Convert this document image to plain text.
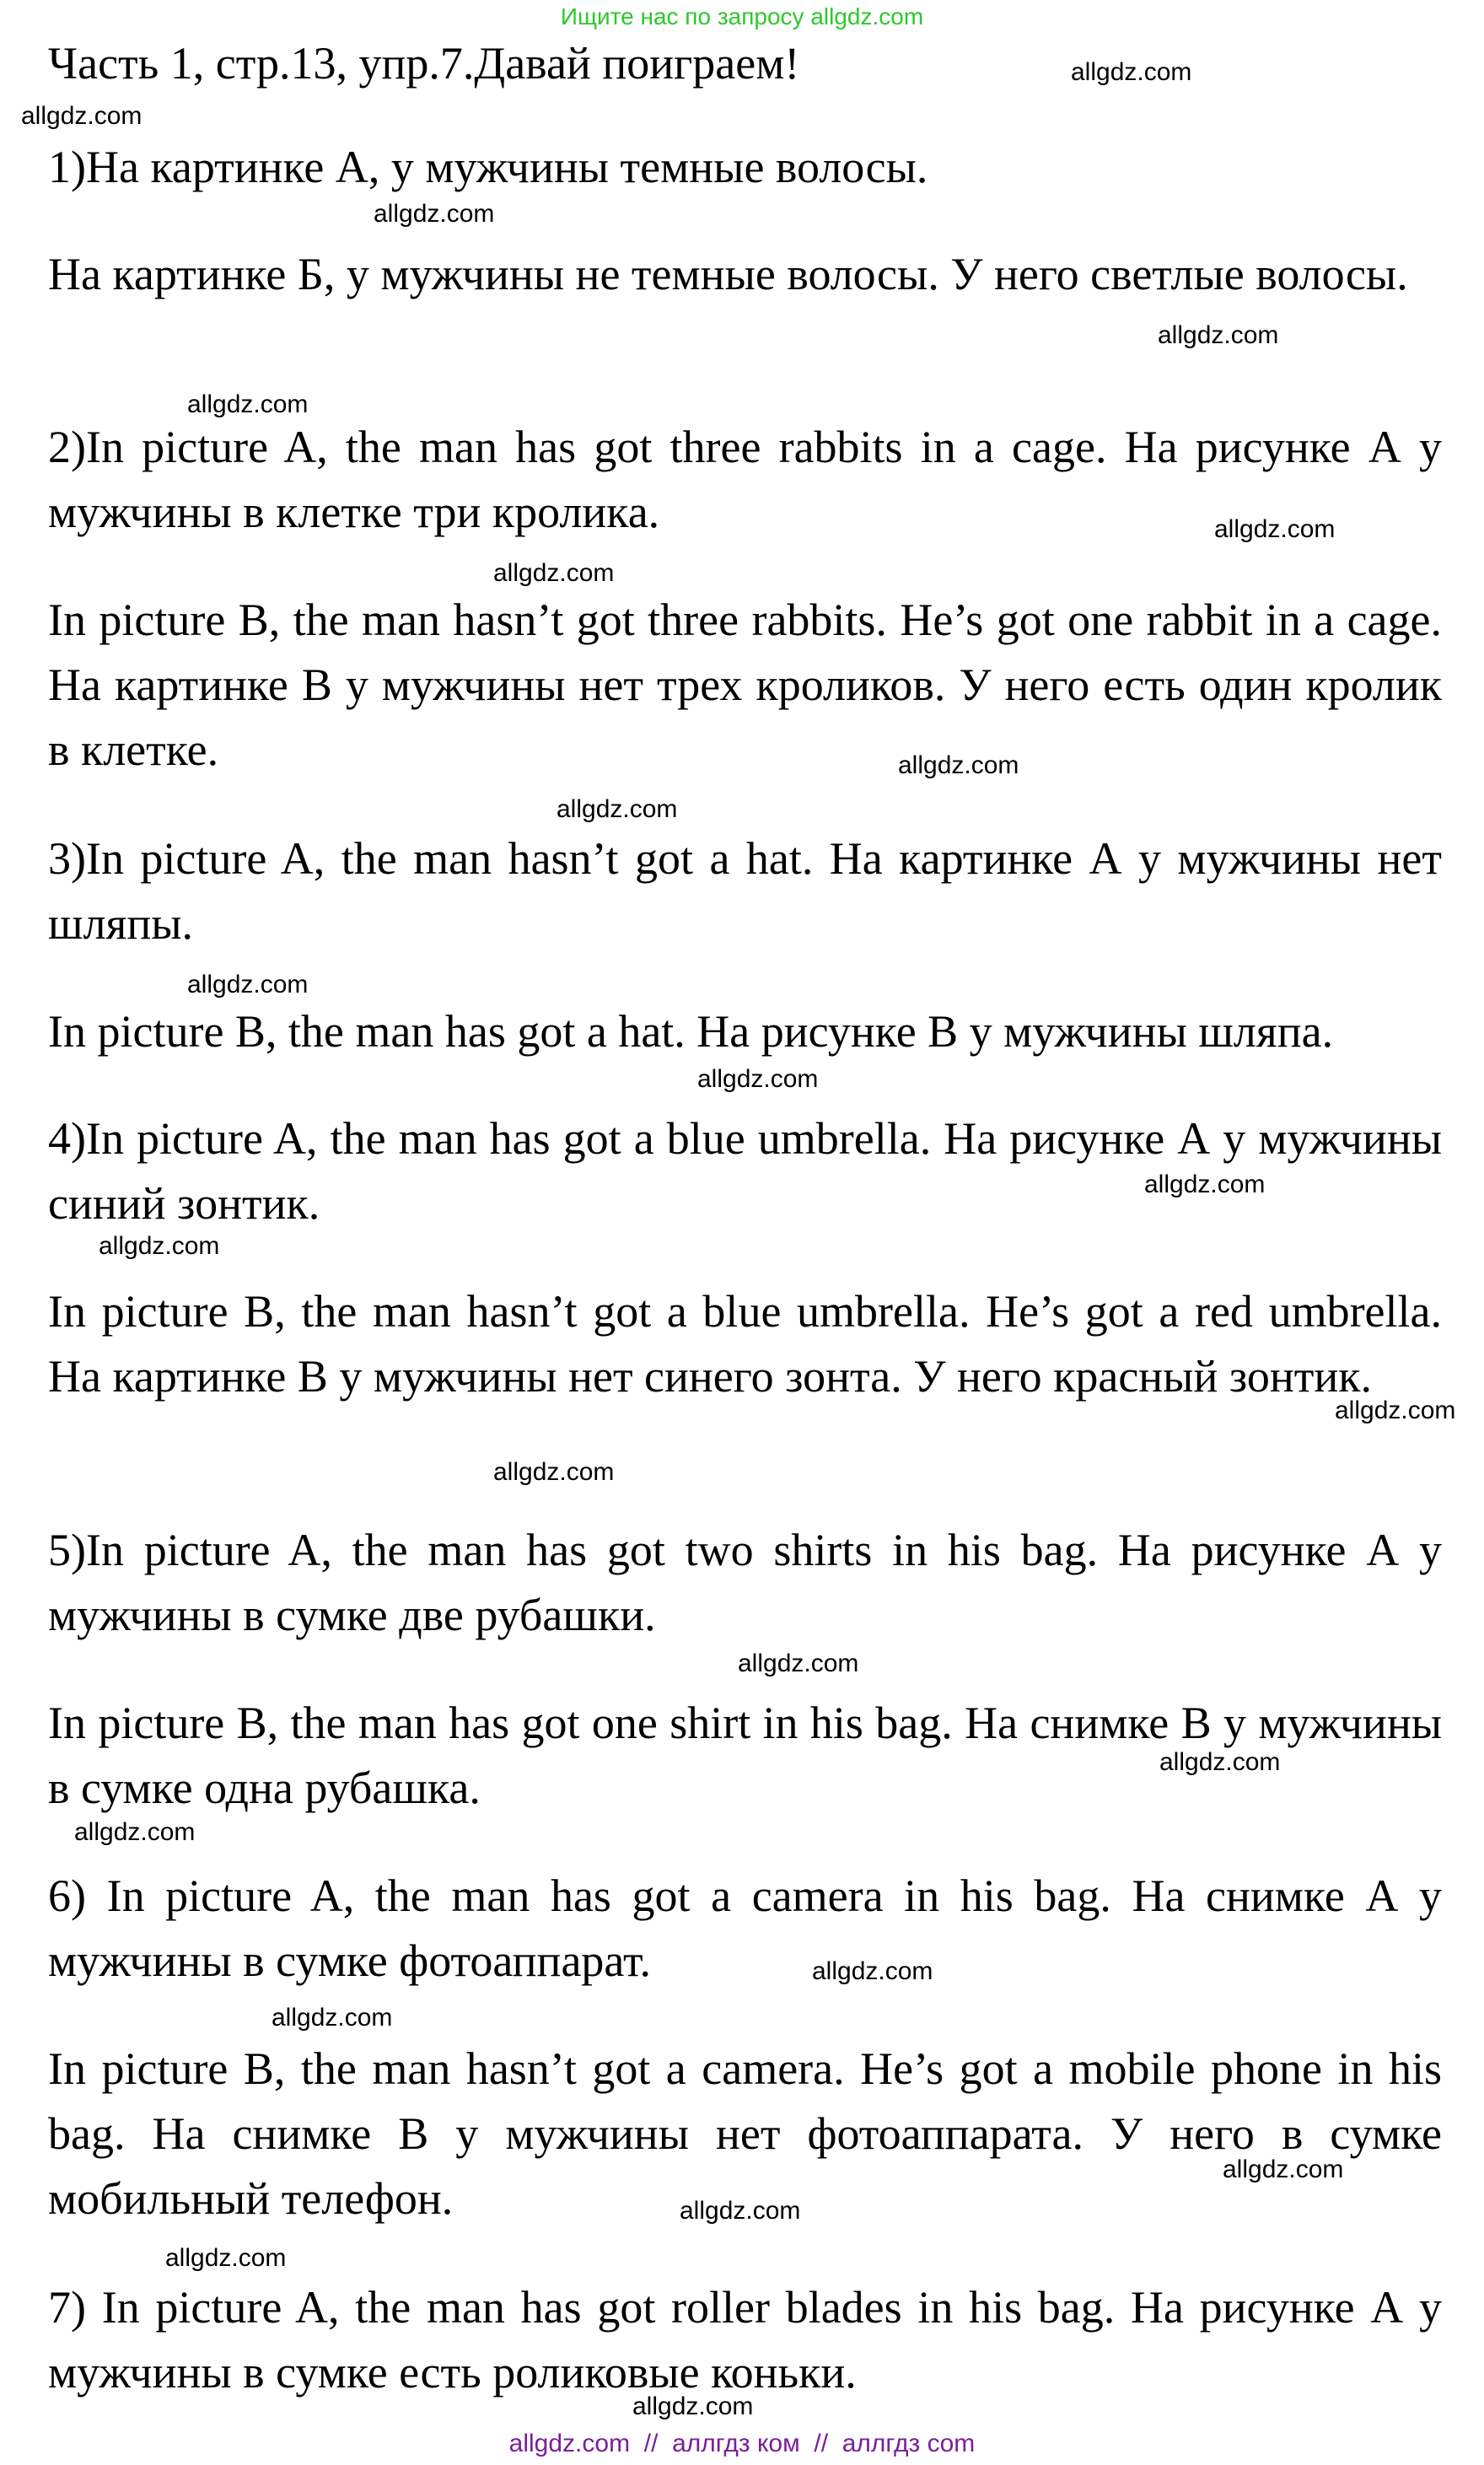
Ищите нас по запросу allgdz.com
Часть 1, стр.13, упр.7.Давай поиграем!

1)На картинке А, у мужчины темные волосы.

На картинке Б, у мужчины не темные волосы. У него светлые волосы.

2)In picture A, the man has got three rabbits in a cage. На рисунке А у мужчины в клетке три кролика.

In picture B, the man hasn’t got three rabbits. He’s got one rabbit in a cage. На картинке В у мужчины нет трех кроликов. У него есть один кролик в клетке.

3)In picture A, the man hasn’t got a hat. На картинке А у мужчины нет шляпы.

In picture B, the man has got a hat. На рисунке В у мужчины шляпа.

4)In picture A, the man has got a blue umbrella. На рисунке А у мужчины синий зонтик.

In picture B, the man hasn’t got a blue umbrella. He’s got a red umbrella. На картинке В у мужчины нет синего зонта. У него красный зонтик.

5)In picture A, the man has got two shirts in his bag. На рисунке А у мужчины в сумке две рубашки.

In picture B, the man has got one shirt in his bag. На снимке В у мужчины в сумке одна рубашка.

6) In picture A, the man has got a camera in his bag. На снимке А у мужчины в сумке фотоаппарат.

In picture B, the man hasn’t got a camera. He’s got a mobile phone in his bag. На снимке В у мужчины нет фотоаппарата. У него в сумке мобильный телефон.

7) In picture A, the man has got roller blades in his bag. На рисунке А у мужчины в сумке есть роликовые коньки.

allgdz.com
allgdz.com
allgdz.com
allgdz.com
allgdz.com
allgdz.com
allgdz.com
allgdz.com
allgdz.com
allgdz.com
allgdz.com
allgdz.com
allgdz.com
allgdz.com
allgdz.com
allgdz.com
allgdz.com
allgdz.com
allgdz.com
allgdz.com
allgdz.com
allgdz.com
allgdz.com
allgdz.com
allgdz.com  //  аллгдз ком  //  аллгдз com
